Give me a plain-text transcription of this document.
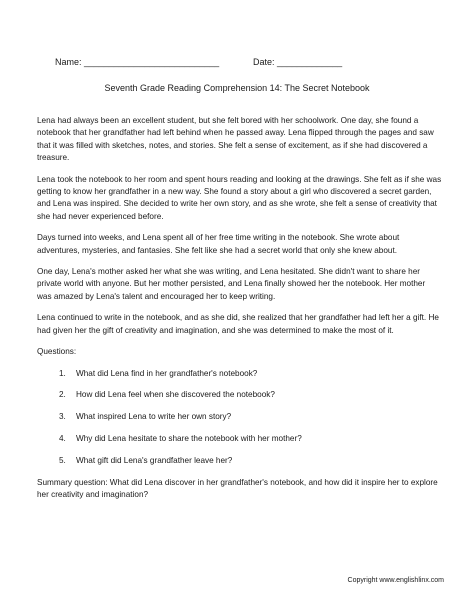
Name: ___________________________	Date: _____________
Seventh Grade Reading Comprehension 14: The Secret Notebook

Lena had always been an excellent student, but she felt bored with her schoolwork. One day, she found a notebook that her grandfather had left behind when he passed away. Lena flipped through the pages and saw that it was filled with sketches, notes, and stories. She felt a sense of excitement, as if she had discovered a treasure.

Lena took the notebook to her room and spent hours reading and looking at the drawings. She felt as if she was getting to know her grandfather in a new way. She found a story about a girl who discovered a secret garden, and Lena was inspired. She decided to write her own story, and as she wrote, she felt a sense of creativity that she had never experienced before.

Days turned into weeks, and Lena spent all of her free time writing in the notebook. She wrote about adventures, mysteries, and fantasies. She felt like she had a secret world that only she knew about.

One day, Lena's mother asked her what she was writing, and Lena hesitated. She didn't want to share her private world with anyone. But her mother persisted, and Lena finally showed her the notebook. Her mother was amazed by Lena's talent and encouraged her to keep writing.

Lena continued to write in the notebook, and as she did, she realized that her grandfather had left her a gift. He had given her the gift of creativity and imagination, and she was determined to make the most of it.

Questions:

1.	What did Lena find in her grandfather's notebook?
2.	How did Lena feel when she discovered the notebook?
3.	What inspired Lena to write her own story?
4.	Why did Lena hesitate to share the notebook with her mother?
5.	What gift did Lena's grandfather leave her?

Summary question: What did Lena discover in her grandfather's notebook, and how did it inspire her to explore her creativity and imagination?

Copyright www.englishlinx.com
